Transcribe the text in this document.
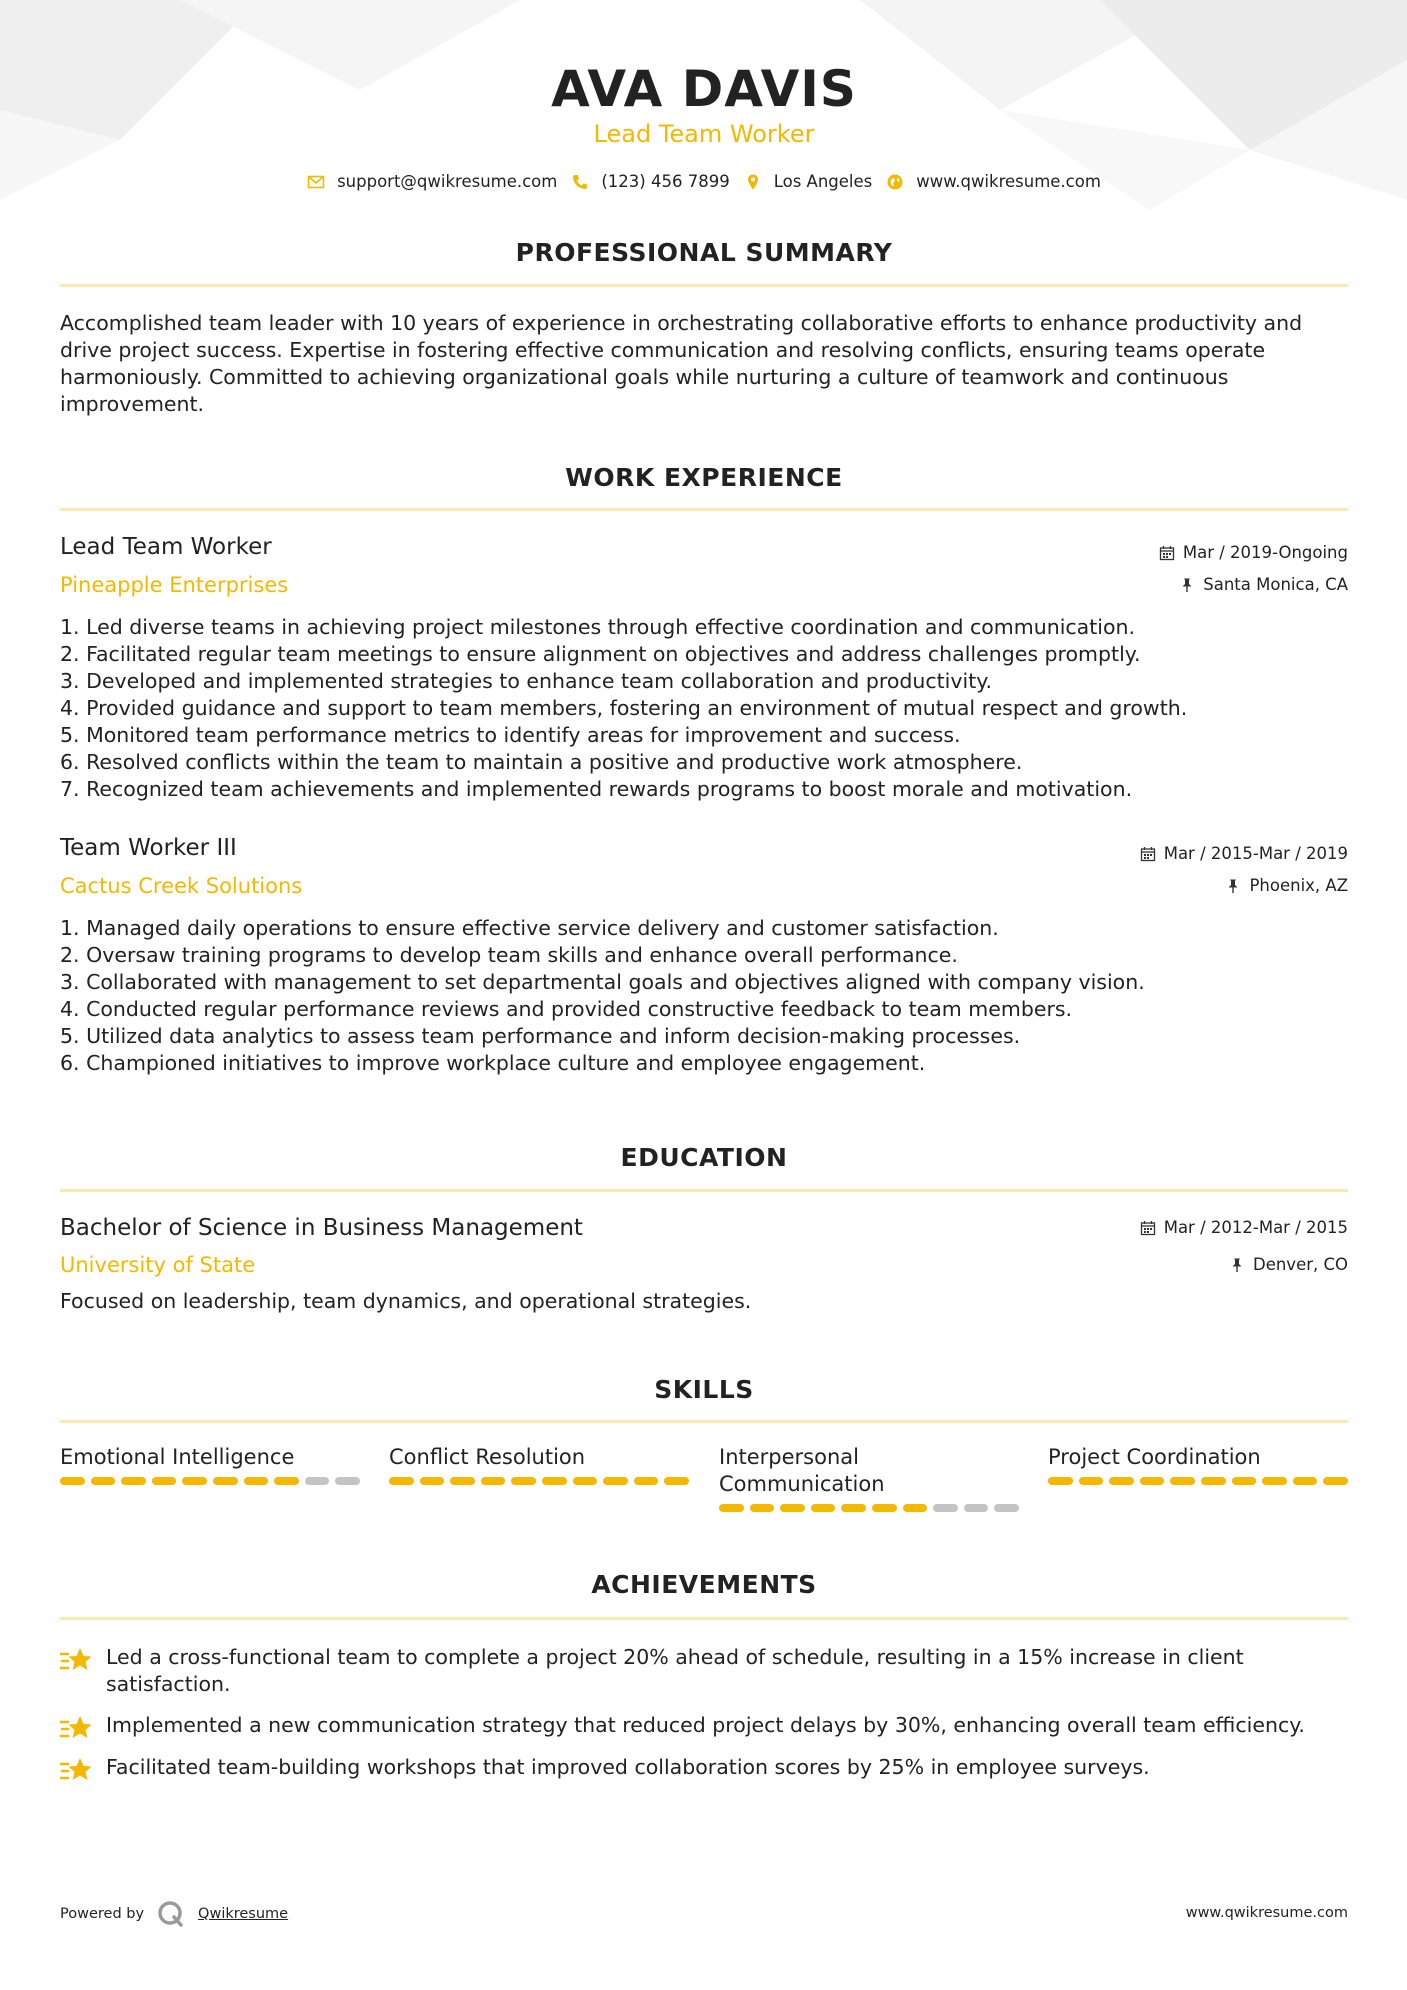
AVA DAVIS
Lead Team Worker
support@qwikresume.com	(123) 456 7899	Los Angeles	www.qwikresume.com
PROFESSIONAL SUMMARY
Accomplished team leader with 10 years of experience in orchestrating collaborative efforts to enhance productivity and drive project success. Expertise in fostering effective communication and resolving conflicts, ensuring teams operate harmoniously. Committed to achieving organizational goals while nurturing a culture of teamwork and continuous improvement.
WORK EXPERIENCE
Lead Team Worker
Pineapple Enterprises
Mar / 2019-Ongoing
Santa Monica, CA
1. Led diverse teams in achieving project milestones through effective coordination and communication.
2. Facilitated regular team meetings to ensure alignment on objectives and address challenges promptly.
3. Developed and implemented strategies to enhance team collaboration and productivity.
4. Provided guidance and support to team members, fostering an environment of mutual respect and growth.
5. Monitored team performance metrics to identify areas for improvement and success.
6. Resolved conflicts within the team to maintain a positive and productive work atmosphere.
7. Recognized team achievements and implemented rewards programs to boost morale and motivation.
Team Worker III
Cactus Creek Solutions
Mar / 2015-Mar / 2019
Phoenix, AZ
1. Managed daily operations to ensure effective service delivery and customer satisfaction.
2. Oversaw training programs to develop team skills and enhance overall performance.
3. Collaborated with management to set departmental goals and objectives aligned with company vision.
4. Conducted regular performance reviews and provided constructive feedback to team members.
5. Utilized data analytics to assess team performance and inform decision-making processes.
6. Championed initiatives to improve workplace culture and employee engagement.
EDUCATION
Bachelor of Science in Business Management
University of State
Mar / 2012-Mar / 2015
Denver, CO
Focused on leadership, team dynamics, and operational strategies.
SKILLS
Emotional Intelligence	Conflict Resolution	Interpersonal Communication
Project Coordination
ACHIEVEMENTS
Led a cross-functional team to complete a project 20% ahead of schedule, resulting in a 15% increase in client satisfaction.
Implemented a new communication strategy that reduced project delays by 30%, enhancing overall team efficiency.
Facilitated team-building workshops that improved collaboration scores by 25% in employee surveys.
Powered by	Qwikresume	www.qwikresume.com
